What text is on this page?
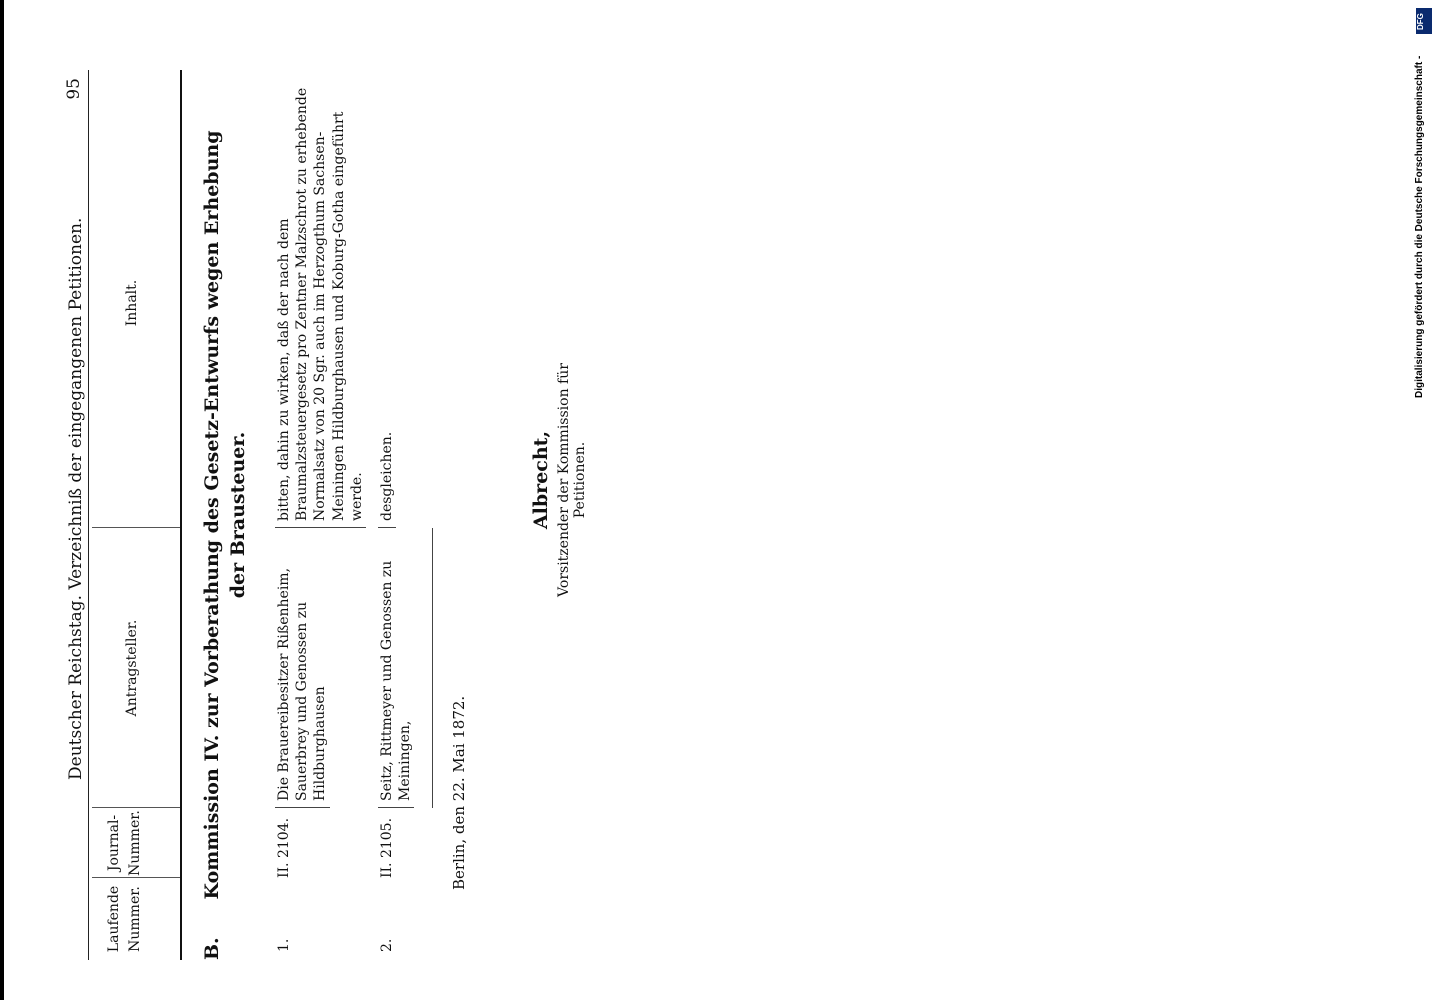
Deutscher Reichstag. Verzeichniß der eingegangenen Petitionen.
95
Laufende Nummer.
Journal-Nummer.
Antragsteller.
Inhalt.
B.
Kommission IV. zur Vorberathung des Gesetz-Entwurfs wegen Erhebung der Brausteuer.
1.
II. 2104.
Die Brauereibesitzer Rißenheim, Sauerbrey und Genossen zu Hildburghausen
bitten, dahin zu wirken, daß der nach dem Braumalzsteuergesetz pro Zentner Malzschrot zu erhebende Normalsatz von 20 Sgr. auch im Herzogthum Sachsen-Meiningen Hildburghausen und Koburg-Gotha eingeführt werde.
2.
II. 2105.
Seitz, Rittmeyer und Genossen zu Meiningen,
desgleichen.
Berlin, den 22. Mai 1872.
Albrecht, Vorsitzender der Kommission für Petitionen.
DFG
Digitalisierung gefördert durch die Deutsche Forschungsgemeinschaft -
